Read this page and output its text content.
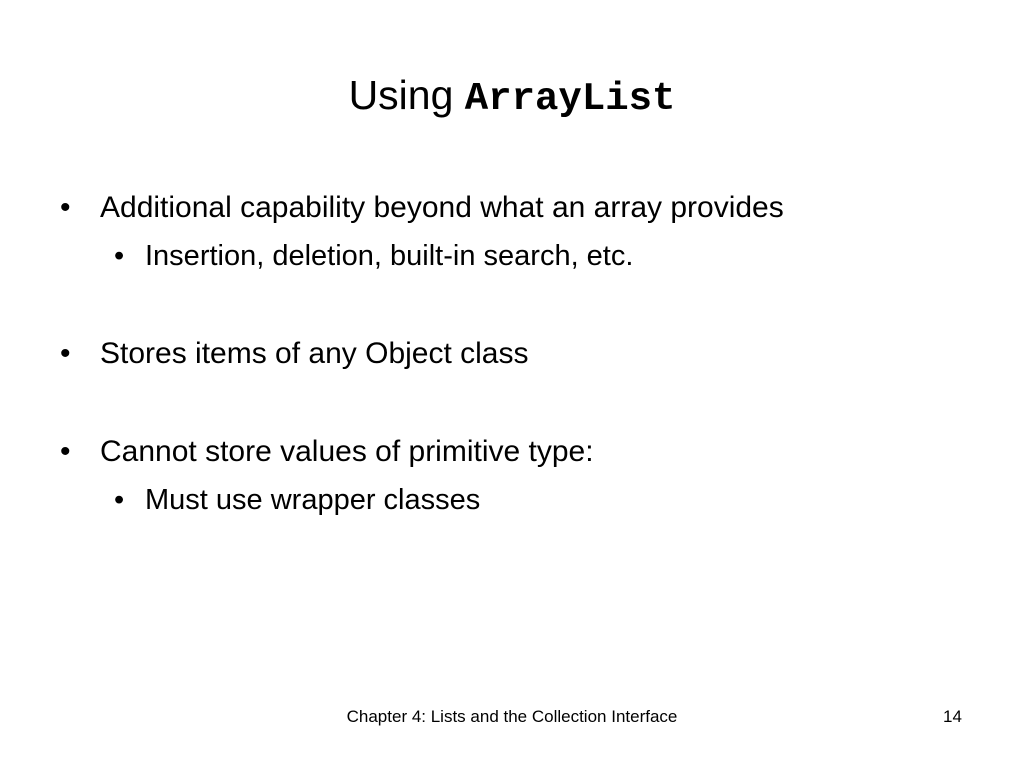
Using ArrayList
• Additional capability beyond what an array provides
• Insertion, deletion, built-in search, etc.
• Stores items of any Object class
• Cannot store values of primitive type:
• Must use wrapper classes
Chapter 4: Lists and the Collection Interface	14
